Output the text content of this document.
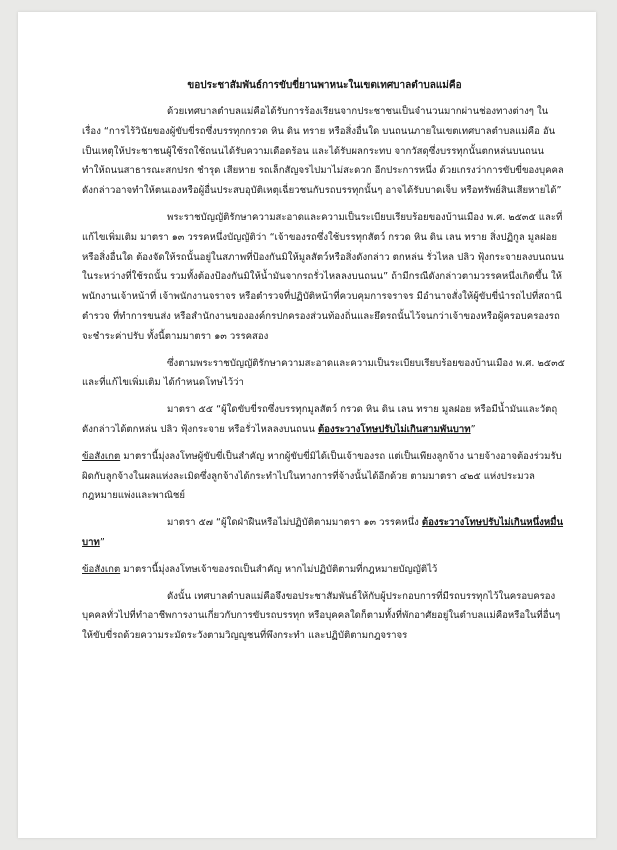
ขอประชาสัมพันธ์การขับขี่ยานพาหนะในเขตเทศบาลตำบลแม่คือ

ด้วยเทศบาลตำบลแม่คือได้รับการร้องเรียนจากประชาชนเป็นจำนวนมากผ่านช่องทางต่างๆ ในเรื่อง “การไร้วินัยของผู้ขับขี่รถซึ่งบรรทุกกรวด หิน ดิน ทราย หรือสิ่งอื่นใด บนถนนภายในเขตเทศบาลตำบลแม่คือ อันเป็นเหตุให้ประชาชนผู้ใช้รถใช้ถนนได้รับความเดือดร้อน และได้รับผลกระทบ จากวัสดุซึ่งบรรทุกนั้นตกหล่นบนถนน ทำให้ถนนสาธารณะสกปรก ชำรุด เสียหาย รถเล็กสัญจรไปมาไม่สะดวก อีกประการหนึ่ง ด้วยเกรงว่าการขับขี่ของบุคคลดังกล่าวอาจทำให้ตนเองหรือผู้อื่นประสบอุบัติเหตุเฉี่ยวชนกับรถบรรทุกนั้นๆ อาจได้รับบาดเจ็บ หรือทรัพย์สินเสียหายได้”

พระราชบัญญัติรักษาความสะอาดและความเป็นระเบียบเรียบร้อยของบ้านเมือง พ.ศ. ๒๕๓๕ และที่แก้ไขเพิ่มเติม มาตรา ๑๓ วรรคหนึ่งบัญญัติว่า “เจ้าของรถซึ่งใช้บรรทุกสัตว์ กรวด หิน ดิน เลน ทราย สิ่งปฏิกูล มูลฝอย หรือสิ่งอื่นใด ต้องจัดให้รถนั้นอยู่ในสภาพที่ป้องกันมิให้มูลสัตว์หรือสิ่งดังกล่าว ตกหล่น รั่วไหล ปลิว ฟุ้งกระจายลงบนถนนในระหว่างที่ใช้รถนั้น รวมทั้งต้องป้องกันมิให้น้ำมันจากรถรั่วไหลลงบนถนน” ถ้ามีกรณีดังกล่าวตามวรรคหนึ่งเกิดขึ้น ให้พนักงานเจ้าหน้าที่ เจ้าพนักงานจราจร หรือตำรวจที่ปฏิบัติหน้าที่ควบคุมการจราจร มีอำนาจสั่งให้ผู้ขับขี่นำรถไปที่สถานีตำรวจ ที่ทำการขนส่ง หรือสำนักงานขององค์กรปกครองส่วนท้องถิ่นและยึดรถนั้นไว้จนกว่าเจ้าของหรือผู้ครอบครองรถจะชำระค่าปรับ ทั้งนี้ตามมาตรา ๑๓ วรรคสอง

ซึ่งตามพระราชบัญญัติรักษาความสะอาดและความเป็นระเบียบเรียบร้อยของบ้านเมือง พ.ศ. ๒๕๓๕ และที่แก้ไขเพิ่มเติม ได้กำหนดโทษไว้ว่า

มาตรา ๕๕ “ผู้ใดขับขี่รถซึ่งบรรทุกมูลสัตว์ กรวด หิน ดิน เลน ทราย มูลฝอย หรือมีน้ำมันและวัตถุดังกล่าวได้ตกหล่น ปลิว ฟุ้งกระจาย หรือรั่วไหลลงบนถนน ต้องระวางโทษปรับไม่เกินสามพันบาท”

ข้อสังเกต มาตรานี้มุ่งลงโทษผู้ขับขี่เป็นสำคัญ หากผู้ขับขี่มิได้เป็นเจ้าของรถ แต่เป็นเพียงลูกจ้าง นายจ้างอาจต้องร่วมรับผิดกับลูกจ้างในผลแห่งละเมิดซึ่งลูกจ้างได้กระทำไปในทางการที่จ้างนั้นได้อีกด้วย ตามมาตรา ๔๒๕ แห่งประมวลกฎหมายแพ่งและพาณิชย์

มาตรา ๕๗ “ผู้ใดฝ่าฝืนหรือไม่ปฏิบัติตามมาตรา ๑๓ วรรคหนึ่ง ต้องระวางโทษปรับไม่เกินหนึ่งหมื่นบาท”

ข้อสังเกต มาตรานี้มุ่งลงโทษเจ้าของรถเป็นสำคัญ หากไม่ปฏิบัติตามที่กฎหมายบัญญัติไว้

ดังนั้น เทศบาลตำบลแม่คือจึงขอประชาสัมพันธ์ให้กับผู้ประกอบการที่มีรถบรรทุกไว้ในครอบครอง บุคคลทั่วไปที่ทำอาชีพการงานเกี่ยวกับการขับรถบรรทุก หรือบุคคลใดก็ตามทั้งที่พักอาศัยอยู่ในตำบลแม่คือหรือในที่อื่นๆ ให้ขับขี่รถด้วยความระมัดระวังตามวิญญูชนที่พึงกระทำ และปฏิบัติตามกฎจราจร
